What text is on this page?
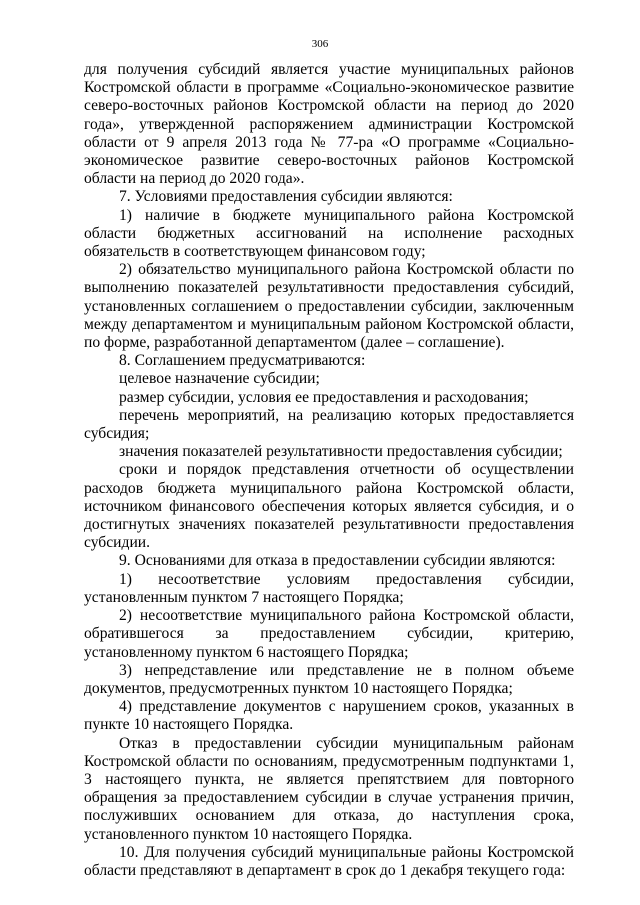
306

для получения субсидий является участие муниципальных районов Костромской области в программе «Социально-экономическое развитие северо-восточных районов Костромской области на период до 2020 года», утвержденной распоряжением администрации Костромской области от 9 апреля 2013 года № 77-ра «О программе «Социально-экономическое развитие северо-восточных районов Костромской области на период до 2020 года».

7. Условиями предоставления субсидии являются:

1) наличие в бюджете муниципального района Костромской области бюджетных ассигнований на исполнение расходных обязательств в соответствующем финансовом году;

2) обязательство муниципального района Костромской области по выполнению показателей результативности предоставления субсидий, установленных соглашением о предоставлении субсидии, заключенным между департаментом и муниципальным районом Костромской области, по форме, разработанной департаментом (далее – соглашение).

8. Соглашением предусматриваются:

целевое назначение субсидии;

размер субсидии, условия ее предоставления и расходования;

перечень мероприятий, на реализацию которых предоставляется субсидия;

значения показателей результативности предоставления субсидии;

сроки и порядок представления отчетности об осуществлении расходов бюджета муниципального района Костромской области, источником финансового обеспечения которых является субсидия, и о достигнутых значениях показателей результативности предоставления субсидии.

9. Основаниями для отказа в предоставлении субсидии являются:

1) несоответствие условиям предоставления субсидии, установленным пунктом 7 настоящего Порядка;

2) несоответствие муниципального района Костромской области, обратившегося за предоставлением субсидии, критерию, установленному пунктом 6 настоящего Порядка;

3) непредставление или представление не в полном объеме документов, предусмотренных пунктом 10 настоящего Порядка;

4) представление документов с нарушением сроков, указанных в пункте 10 настоящего Порядка.

Отказ в предоставлении субсидии муниципальным районам Костромской области по основаниям, предусмотренным подпунктами 1, 3 настоящего пункта, не является препятствием для повторного обращения за предоставлением субсидии в случае устранения причин, послуживших основанием для отказа, до наступления срока, установленного пунктом 10 настоящего Порядка.

10. Для получения субсидий муниципальные районы Костромской области представляют в департамент в срок до 1 декабря текущего года:
